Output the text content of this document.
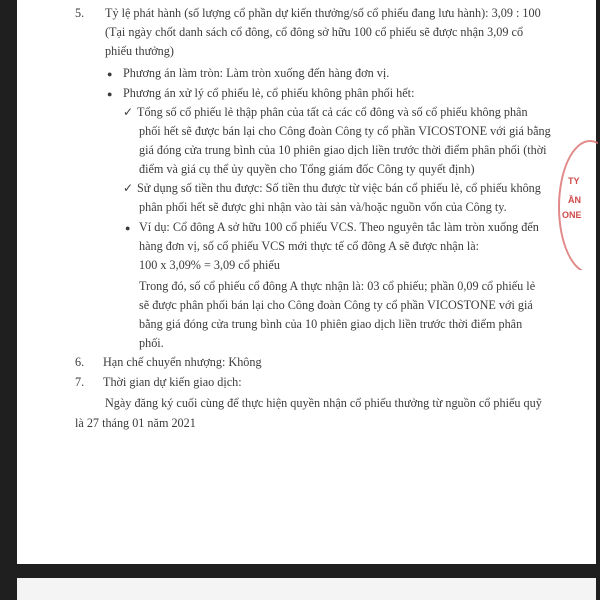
5. Tỷ lệ phát hành (số lượng cổ phần dự kiến thưởng/số cổ phiếu đang lưu hành): 3,09 : 100
(Tại ngày chốt danh sách cổ đông, cổ đông sở hữu 100 cổ phiếu sẽ được nhận 3,09 cổ
phiếu thưởng)
● Phương án làm tròn: Làm tròn xuống đến hàng đơn vị.
● Phương án xử lý cổ phiếu lẻ, cổ phiếu không phân phối hết:
✓ Tổng số cổ phiếu lẻ thập phân của tất cả các cổ đông và số cổ phiếu không phân
phối hết sẽ được bán lại cho Công đoàn Công ty cổ phần VICOSTONE với giá bằng
giá đóng cửa trung bình của 10 phiên giao dịch liền trước thời điểm phân phối (thời
điểm và giá cụ thể ủy quyền cho Tổng giám đốc Công ty quyết định)
✓ Sử dụng số tiền thu được: Số tiền thu được từ việc bán cổ phiếu lẻ, cổ phiếu không
phân phối hết sẽ được ghi nhận vào tài sản và/hoặc nguồn vốn của Công ty.
● Ví dụ: Cổ đông A sở hữu 100 cổ phiếu VCS. Theo nguyên tắc làm tròn xuống đến
hàng đơn vị, số cổ phiếu VCS mới thực tế cổ đông A sẽ được nhận là:
100 x 3,09% = 3,09 cổ phiếu
Trong đó, số cổ phiếu cổ đông A thực nhận là: 03 cổ phiếu; phần 0,09 cổ phiếu lẻ
sẽ được phân phối bán lại cho Công đoàn Công ty cổ phần VICOSTONE với giá
bằng giá đóng cửa trung bình của 10 phiên giao dịch liền trước thời điểm phân
phối.
6. Hạn chế chuyển nhượng: Không
7. Thời gian dự kiến giao dịch:
Ngày đăng ký cuối cùng để thực hiện quyền nhận cổ phiếu thưởng từ nguồn cổ phiếu quỹ
là 27 tháng 01 năm 2021
TY
ẦN
ONE
